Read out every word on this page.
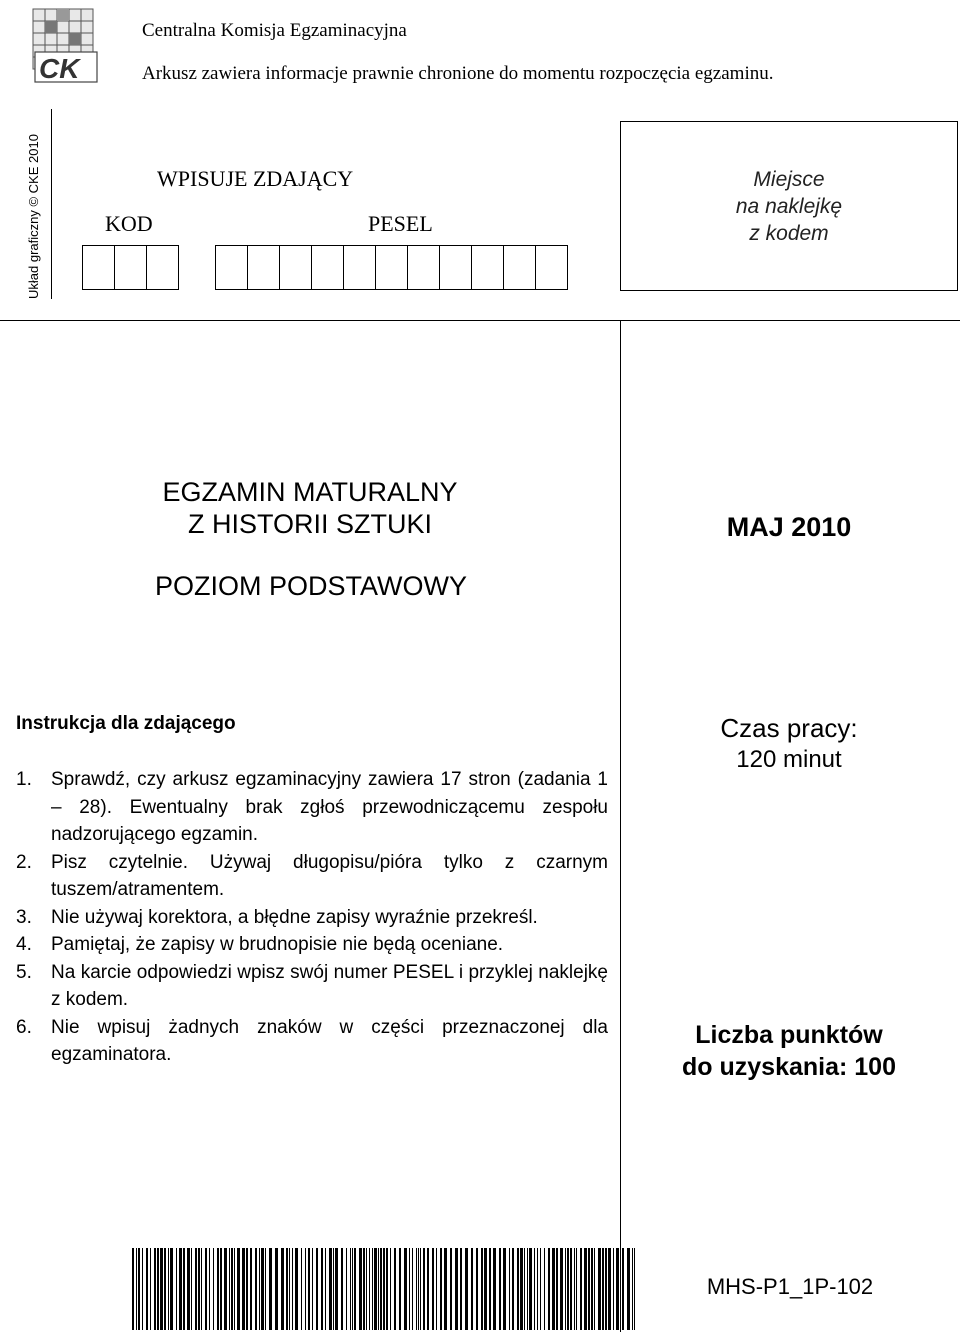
CK
Centralna Komisja Egzaminacyjna
Arkusz zawiera informacje prawnie chronione do momentu rozpoczęcia egzaminu.
Układ graficzny © CKE 2010	WPISUJE ZDAJĄCY
KOD	PESEL
Miejsce
na naklejkę
z kodem
EGZAMIN MATURALNY
Z HISTORII SZTUKI
POZIOM PODSTAWOWY
MAJ 2010
Instrukcja dla zdającego
1. Sprawdź, czy arkusz egzaminacyjny zawiera 17 stron (zadania 1 – 28). Ewentualny brak zgłoś przewodniczącemu zespołu nadzorującego egzamin.
2. Pisz czytelnie. Używaj długopisu/pióra tylko z czarnym tuszem/atramentem.
3. Nie używaj korektora, a błędne zapisy wyraźnie przekreśl.
4. Pamiętaj, że zapisy w brudnopisie nie będą oceniane.
5. Na karcie odpowiedzi wpisz swój numer PESEL i przyklej naklejkę z kodem.
6. Nie wpisuj żadnych znaków w części przeznaczonej dla egzaminatora.
Czas pracy:
120 minut
Liczba punktów
do uzyskania: 100
MHS-P1_1P-102
